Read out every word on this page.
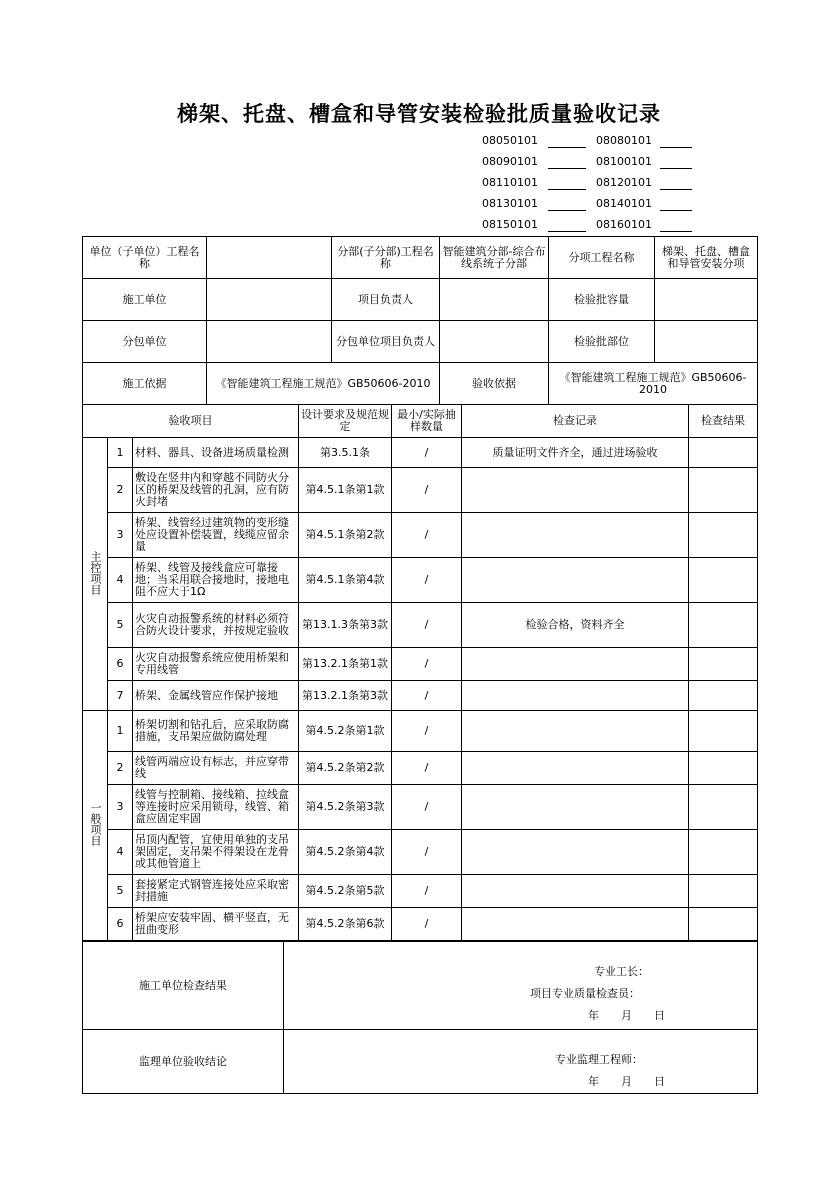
梯架、托盘、槽盒和导管安装检验批质量验收记录
08050101	08080101
08090101	08100101
08110101	08120101
08130101	08140101
08150101	08160101
单位（子单位）工程名称		分部(子分部)工程名称	智能建筑分部-综合布线系统子分部	分项工程名称	梯架、托盘、槽盒和导管安装分项
施工单位		项目负责人		检验批容量	
分包单位		分包单位项目负责人		检验批部位	
施工依据	《智能建筑工程施工规范》GB50606-2010		验收依据	《智能建筑工程施工规范》GB50606-2010	
验收项目			设计要求及规范规定	最小/实际抽样数量	检查记录	检查结果
主控项目	1	材料、器具、设备进场质量检测	第3.5.1条	/	质量证明文件齐全，通过进场验收	
	2	敷设在竖井内和穿越不同防火分区的桥架及线管的孔洞，应有防火封堵	第4.5.1条第1款	/		
	3	桥架、线管经过建筑物的变形缝处应设置补偿装置，线缆应留余量	第4.5.1条第2款	/		
	4	桥架、线管及接线盒应可靠接地；当采用联合接地时，接地电阻不应大于1Ω	第4.5.1条第4款	/		
	5	火灾自动报警系统的材料必须符合防火设计要求，并按规定验收	第13.1.3条第3款	/	检验合格，资料齐全	
	6	火灾自动报警系统应使用桥架和专用线管	第13.2.1条第1款	/		
	7	桥架、金属线管应作保护接地	第13.2.1条第3款	/		
一般项目	1	桥架切割和钻孔后，应采取防腐措施，支吊架应做防腐处理	第4.5.2条第1款	/		
	2	线管两端应设有标志，并应穿带线	第4.5.2条第2款	/		
	3	线管与控制箱、接线箱、拉线盒等连接时应采用锁母，线管、箱盒应固定牢固	第4.5.2条第3款	/		
	4	吊顶内配管，宜使用单独的支吊架固定，支吊架不得架设在龙骨或其他管道上	第4.5.2条第4款	/		
	5	套接紧定式钢管连接处应采取密封措施	第4.5.2条第5款	/		
	6	桥架应安装牢固、横平竖直，无扭曲变形	第4.5.2条第6款	/		
施工单位检查结果	专业工长：
项目专业质量检查员：
年　　月　　日

监理单位验收结论	专业监理工程师：
年　　月　　日
